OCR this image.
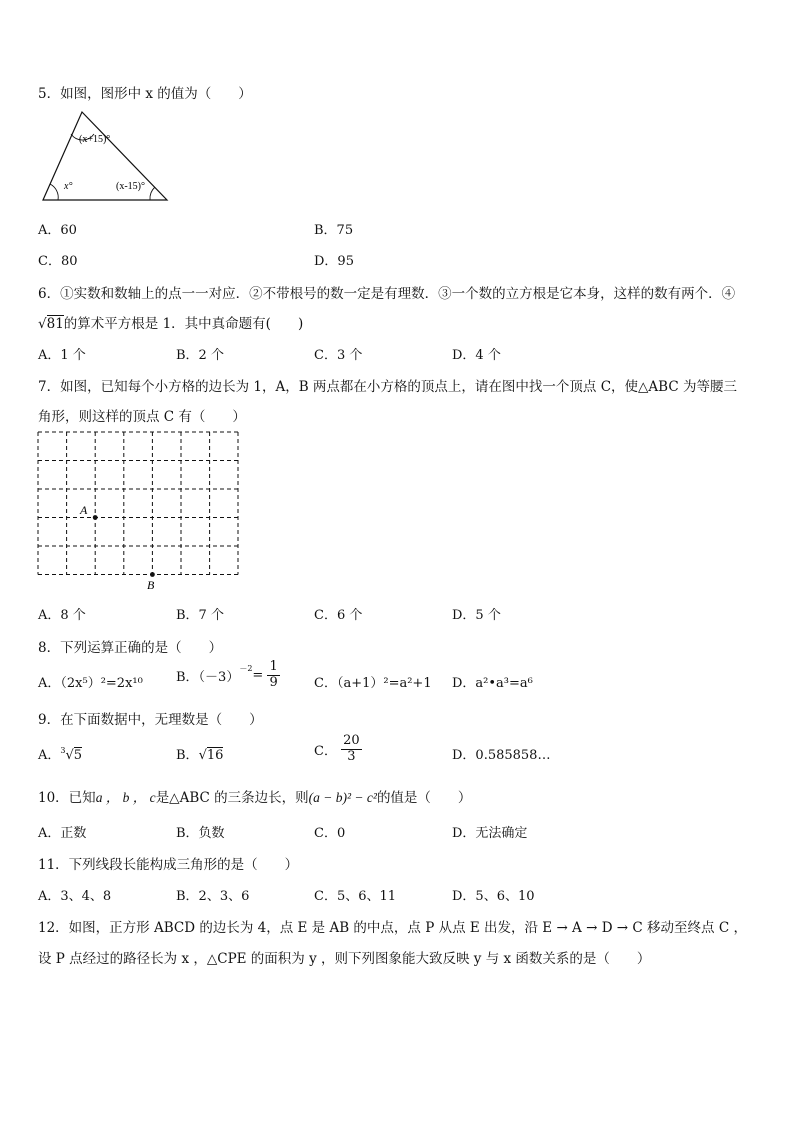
5．如图，图形中 x 的值为（　　）
(x+15)°
x°	(x-15)°
A．60	B．75
C．80	D．95
6．①实数和数轴上的点一一对应．②不带根号的数一定是有理数．③一个数的立方根是它本身，这样的数有两个．④
√81的算术平方根是 1．其中真命题有(　　)
A．1 个	B．2 个	C．3 个	D．4 个
7．如图，已知每个小方格的边长为 1，A，B 两点都在小方格的顶点上，请在图中找一个顶点 C，使△ABC 为等腰三
角形，则这样的顶点 C 有（　　）
A
B
A．8 个	B．7 个	C．6 个	D．5 个
8．下列运算正确的是（　　）
A．（2x⁵）²=2x¹⁰	B．$(-3)^{-2}= \frac{1}{9}$	C．（a+1）²=a²+1 D．a²•a³=a⁶
9．在下面数据中，无理数是（　　）
A．$^3$√5	B．√16	C． $\frac{20}{3}$	D．0.585858…
10．已知a ， b ， c是△ABC 的三条边长，则(a − b)² − c²的值是（　　）
A．正数	B．负数	C．0	D．无法确定
11．下列线段长能构成三角形的是（　　）
A．3、4、8	B．2、3、6	C．5、6、11	D．5、6、10
12．如图，正方形 ABCD 的边长为 4，点 E 是 AB 的中点，点 P 从点 E 出发，沿 E → A → D → C 移动至终点 C ，
设 P 点经过的路径长为 x ，△CPE 的面积为 y ，则下列图象能大致反映 y 与 x 函数关系的是（　　）
